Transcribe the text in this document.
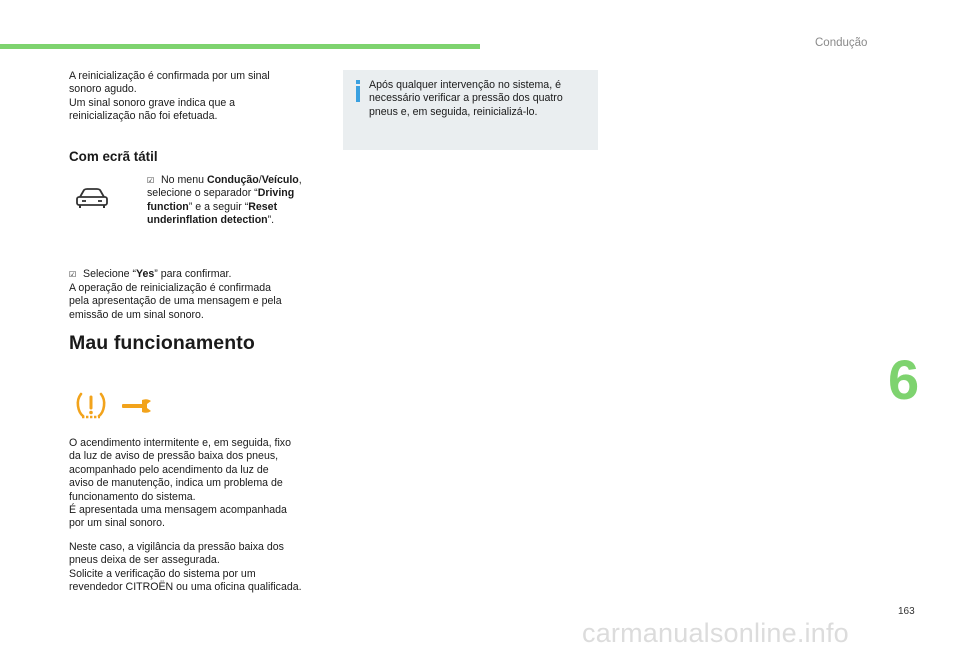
Condução

A reinicialização é confirmada por um sinal

sonoro agudo.

Um sinal sonoro grave indica que a

reinicialização não foi efetuada.

Com ecrã tátil
☑ No menu Condução/Veículo, selecione o separador “Driving function” e a seguir “Reset underinflation detection”.
☑ Selecione “Yes” para confirmar.

A operação de reinicialização é confirmada

pela apresentação de uma mensagem e pela

emissão de um sinal sonoro.

Mau funcionamento

O acendimento intermitente e, em seguida, fixo

da luz de aviso de pressão baixa dos pneus,

acompanhado pelo acendimento da luz de

aviso de manutenção, indica um problema de

funcionamento do sistema.

É apresentada uma mensagem acompanhada

por um sinal sonoro.

Neste caso, a vigilância da pressão baixa dos

pneus deixa de ser assegurada.

Solicite a verificação do sistema por um

revendedor CITROËN ou uma oficina qualificada.

Após qualquer intervenção no sistema, é

necessário verificar a pressão dos quatro

pneus e, em seguida, reinicializá-lo.

6
163
carmanualsonline.info
